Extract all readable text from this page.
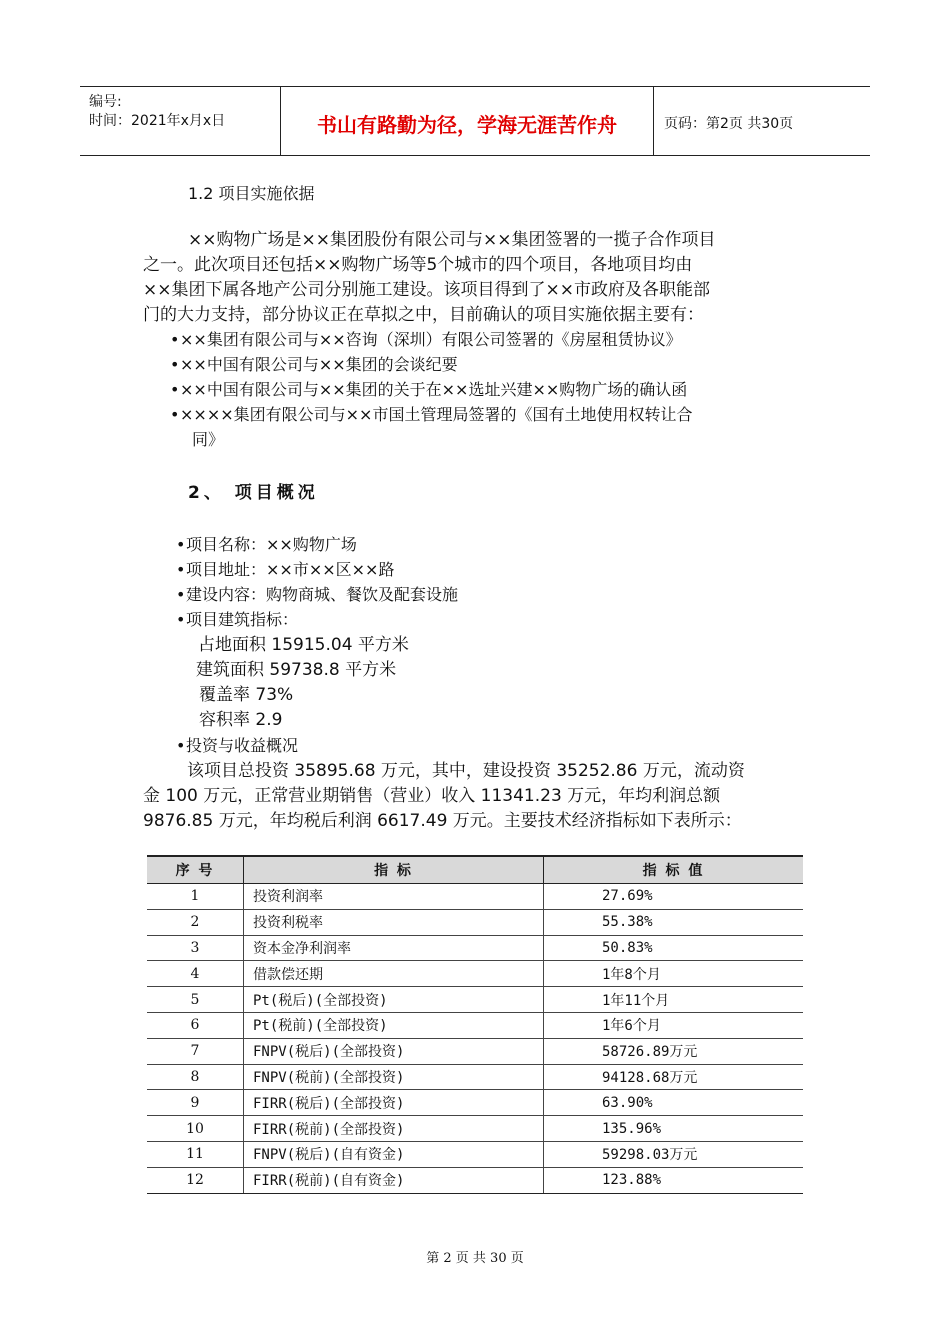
编号:
时间：2021年x月x日	书山有路勤为径，学海无涯苦作舟	页码：第2页 共30页
1.2 项目实施依据
××购物广场是××集团股份有限公司与××集团签署的一揽子合作项目
之一。此次项目还包括××购物广场等5个城市的四个项目，各地项目均由
××集团下属各地产公司分别施工建设。该项目得到了××市政府及各职能部
门的大力支持，部分协议正在草拟之中，目前确认的项目实施依据主要有：
•××集团有限公司与××咨询（深圳）有限公司签署的《房屋租赁协议》
•××中国有限公司与××集团的会谈纪要
•××中国有限公司与××集团的关于在××选址兴建××购物广场的确认函
•××××集团有限公司与××市国土管理局签署的《国有土地使用权转让合
同》
2、 项目概况
•项目名称：××购物广场
•项目地址：××市××区××路
•建设内容：购物商城、餐饮及配套设施
•项目建筑指标：
占地面积 15915.04 平方米
建筑面积 59738.8 平方米
覆盖率 73%
容积率 2.9
•投资与收益概况
该项目总投资 35895.68 万元，其中，建设投资 35252.86 万元，流动资
金 100 万元，正常营业期销售（营业）收入 11341.23 万元，年均利润总额
9876.85 万元，年均税后利润 6617.49 万元。主要技术经济指标如下表所示：
序 号	指 标	指 标 值
1	投资利润率	27.69%
2	投资利税率	55.38%
3	资本金净利润率	50.83%
4	借款偿还期	1年8个月
5	Pt(税后)(全部投资)	1年11个月
6	Pt(税前)(全部投资)	1年6个月
7	FNPV(税后)(全部投资)	58726.89万元
8	FNPV(税前)(全部投资)	94128.68万元
9	FIRR(税后)(全部投资)	63.90%
10	FIRR(税前)(全部投资)	135.96%
11	FNPV(税后)(自有资金)	59298.03万元
12	FIRR(税前)(自有资金)	123.88%
第 2 页 共 30 页
